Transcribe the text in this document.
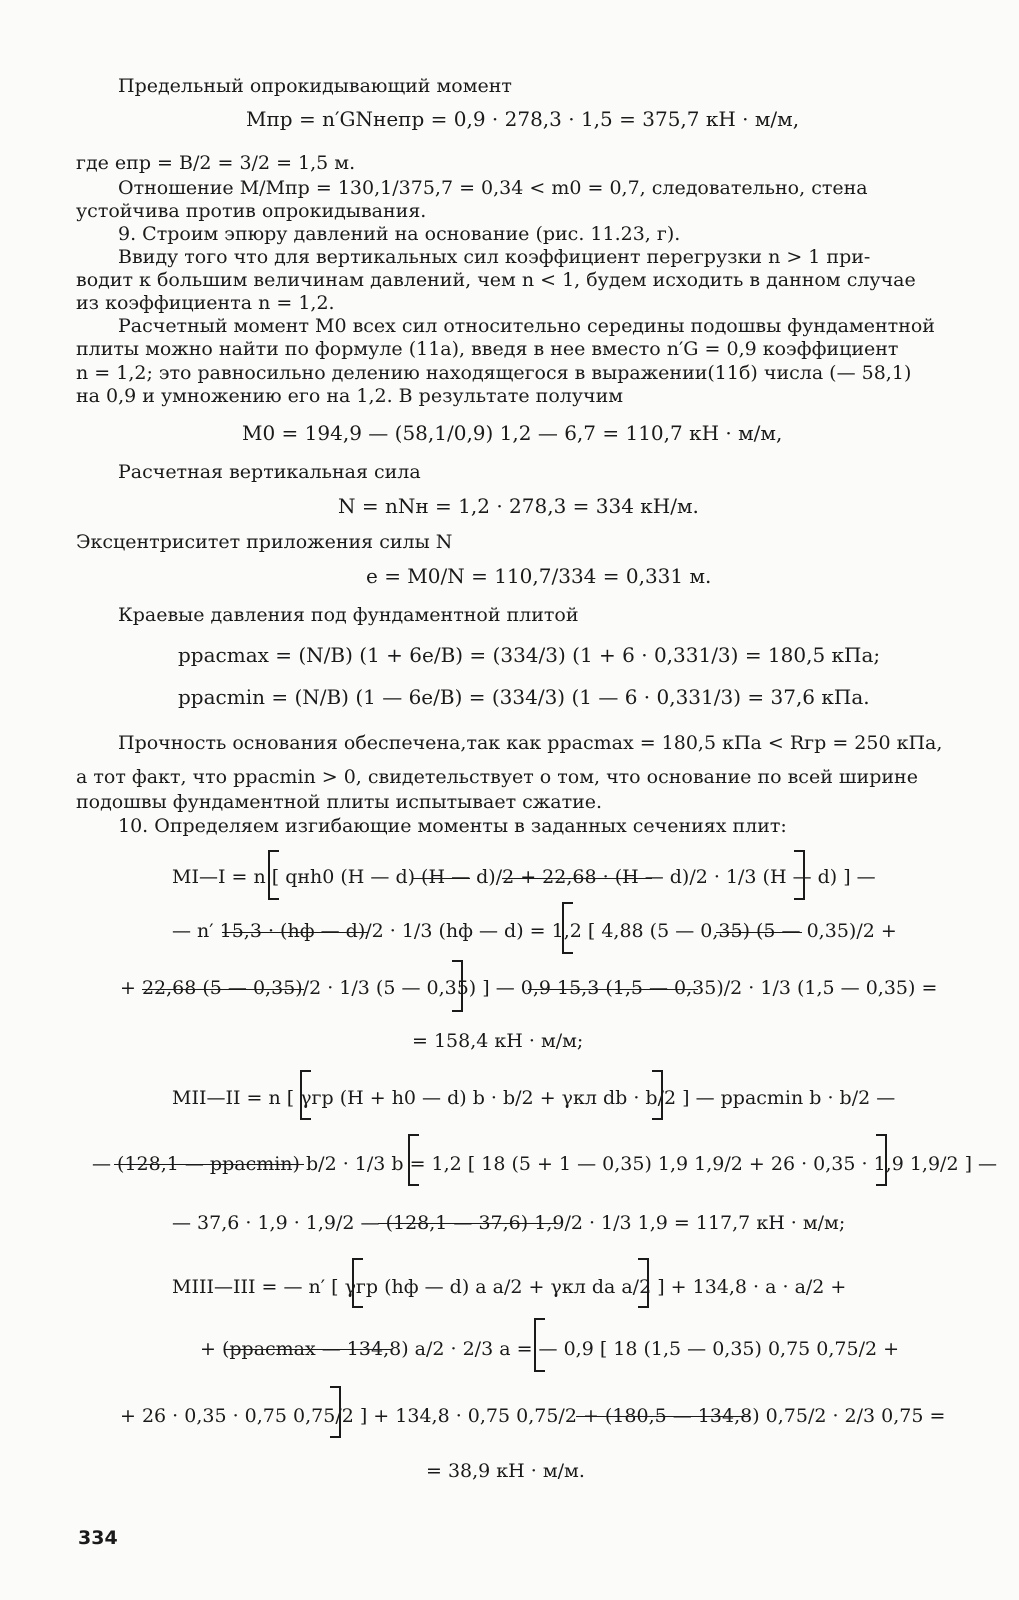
Предельный опрокидывающий момент
Mпр = n′GNнeпр = 0,9 · 278,3 · 1,5 = 375,7 кН · м/м,
где eпр = B/2 = 3/2 = 1,5 м.
Отношение M/Mпр = 130,1/375,7 = 0,34 < m0 = 0,7, следовательно, стена
устойчива против опрокидывания.
9. Строим эпюру давлений на основание (рис. 11.23, г).
Ввиду того что для вертикальных сил коэффициент перегрузки n > 1 при-
водит к большим величинам давлений, чем n < 1, будем исходить в данном случае
из коэффициента n = 1,2.
Расчетный момент M0 всех сил относительно середины подошвы фундаментной
плиты можно найти по формуле (11а), введя в нее вместо n′G = 0,9 коэффициент
n = 1,2; это равносильно делению находящегося в выражении(11б) числа (— 58,1)
на 0,9 и умножению его на 1,2. В результате получим
M0 = 194,9 — (58,1/0,9) 1,2 — 6,7 = 110,7 кН · м/м,
Расчетная вертикальная сила
N = nNн = 1,2 · 278,3 = 334 кН/м.
Эксцентриситет приложения силы N
e = M0/N = 110,7/334 = 0,331 м.
Краевые давления под фундаментной плитой
pрасmax = (N/B) (1 + 6e/B) = (334/3) (1 + 6 · 0,331/3) = 180,5 кПа;
pрасmin = (N/B) (1 — 6e/B) = (334/3) (1 — 6 · 0,331/3) = 37,6 кПа.
Прочность основания обеспечена,так как pрасmax = 180,5 кПа < Rгр = 250 кПа,
а тот факт, что pрасmin > 0, свидетельствует о том, что основание по всей ширине
подошвы фундаментной плиты испытывает сжатие.
10. Определяем изгибающие моменты в заданных сечениях плит:
MI—I = n [ qнh0 (H — d) (H — d)/2 + 22,68 · (H — d)/2 · 1/3 (H — d) ] —
— n′ 15,3 · (hф — d)/2 · 1/3 (hф — d) = 1,2 [ 4,88 (5 — 0,35) (5 — 0,35)/2 +
+ 22,68 (5 — 0,35)/2 · 1/3 (5 — 0,35) ] — 0,9 15,3 (1,5 — 0,35)/2 · 1/3 (1,5 — 0,35) =
= 158,4 кН · м/м;
MII—II = n [ γгр (H + h0 — d) b · b/2 + γкл db · b/2 ] — pрасmin b · b/2 —
— (128,1 — pрасmin) b/2 · 1/3 b = 1,2 [ 18 (5 + 1 — 0,35) 1,9 1,9/2 + 26 · 0,35 · 1,9 1,9/2 ] —
— 37,6 · 1,9 · 1,9/2 — (128,1 — 37,6) 1,9/2 · 1/3 1,9 = 117,7 кН · м/м;
MIII—III = — n′ [ γгр (hф — d) a a/2 + γкл da a/2 ] + 134,8 · a · a/2 +
+ (pрасmax — 134,8) a/2 · 2/3 a = — 0,9 [ 18 (1,5 — 0,35) 0,75 0,75/2 +
+ 26 · 0,35 · 0,75 0,75/2 ] + 134,8 · 0,75 0,75/2 + (180,5 — 134,8) 0,75/2 · 2/3 0,75 =
= 38,9 кН · м/м.
334
